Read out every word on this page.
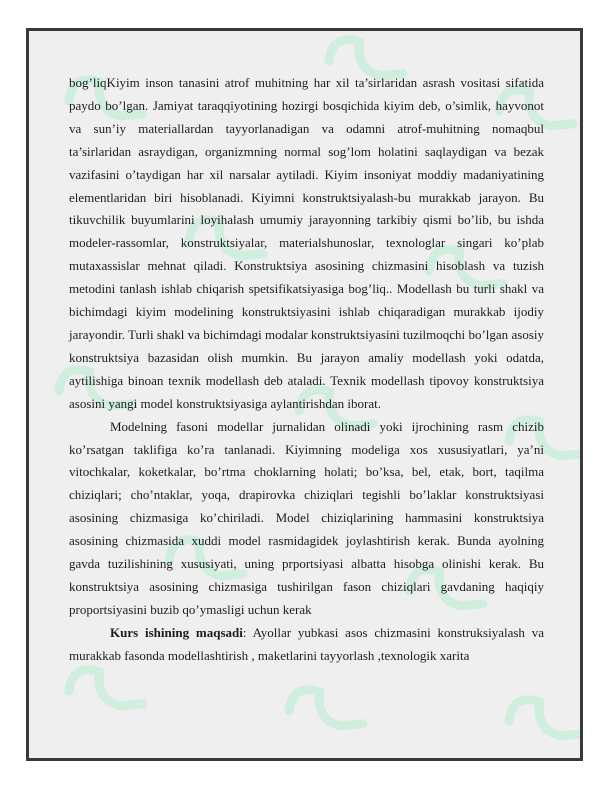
bog’liqKiyim inson tanasini atrof muhitning har xil ta’sirlaridan asrash vositasi sifatida paydo bo’lgan. Jamiyat taraqqiyotining hozirgi bosqichida kiyim deb, o’simlik, hayvonot va sun’iy materiallardan tayyorlanadigan va odamni atrof-muhitning nomaqbul ta’sirlaridan asraydigan, organizmning normal sog’lom holatini saqlaydigan va bezak vazifasini o’taydigan har xil narsalar aytiladi. Kiyim insoniyat moddiy madaniyatining elementlaridan biri hisoblanadi. Kiyimni konstruktsiyalash-bu murakkab jarayon. Bu tikuvchilik buyumlarini loyihalash umumiy jarayonning tarkibiy qismi bo’lib, bu ishda modeler-rassomlar, konstruktsiyalar, materialshunoslar, texnologlar singari ko’plab mutaxassislar mehnat qiladi. Konstruktsiya asosining chizmasini hisoblash va tuzish metodini tanlash ishlab chiqarish spetsifikatsiyasiga bog’liq.. Modellash bu turli shakl va bichimdagi kiyim modelining konstruktsiyasini ishlab chiqaradigan murakkab ijodiy jarayondir. Turli shakl va bichimdagi modalar konstruktsiyasini tuzilmoqchi bo’lgan asosiy konstruktsiya bazasidan olish mumkin. Bu jarayon amaliy modellash yoki odatda, aytilishiga binoan texnik modellash deb ataladi. Texnik modellash tipovoy konstruktsiya asosini yangi model konstruktsiyasiga aylantirishdan iborat.

Modelning fasoni modellar jurnalidan olinadi yoki ijrochining rasm chizib ko’rsatgan taklifiga ko’ra tanlanadi. Kiyimning modeliga xos xususiyatlari, ya’ni vitochkalar, koketkalar, bo’rtma choklarning holati; bo’ksa, bel, etak, bort, taqilma chiziqlari; cho’ntaklar, yoqa, drapirovka chiziqlari tegishli bo’laklar konstruktsiyasi asosining chizmasiga ko’chiriladi. Model chiziqlarining hammasini konstruktsiya asosining chizmasida xuddi model rasmidagidek joylashtirish kerak. Bunda ayolning gavda tuzilishining xususiyati, uning prportsiyasi albatta hisobga olinishi kerak. Bu konstruktsiya asosining chizmasiga tushirilgan fason chiziqlari gavdaning haqiqiy proportsiyasini buzib qo’ymasligi uchun kerak

Kurs ishining maqsadi: Ayollar yubkasi asos chizmasini konstruksiyalash va murakkab fasonda modellashtirish , maketlarini tayyorlash ,texnologik xarita
